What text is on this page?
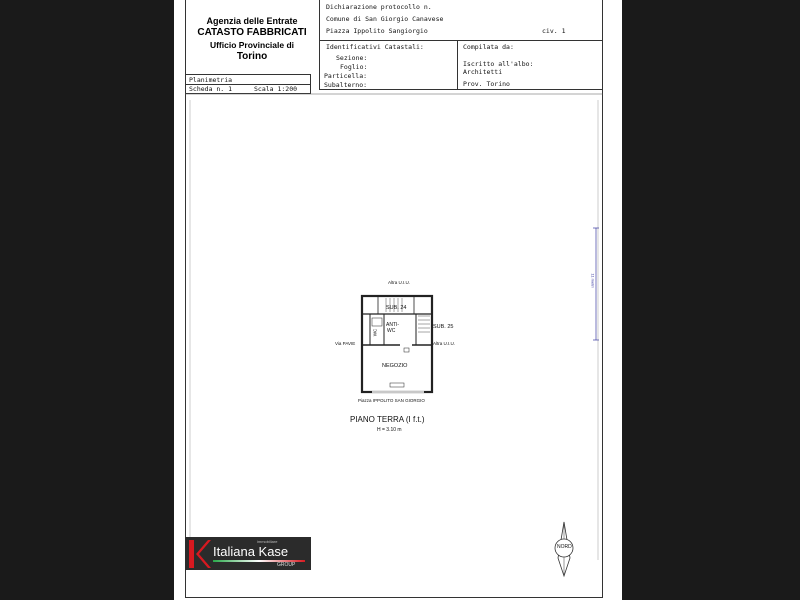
Agenzia delle Entrate
CATASTO FABBRICATI
Ufficio Provinciale di
Torino
Dichiarazione protocollo n.
Comune di San Giorgio Canavese
Piazza Ippolito Sangiorgio	civ. 1
Identificativi Catastali:
Sezione:
Foglio:
Particella:
Subalterno:
Compilata da:
Iscritto all'albo:
Architetti
Prov. Torino
Planimetria
Scheda n. 1	Scala 1:200
11 metri
Altra U.I.U.
Altra U.I.U.
Via PAVIE
SUB. 24
SUB. 25
ANTI-
WC
WC
NEGOZIO
Piazza IPPOLITO SAN GIORGIO
PIANO TERRA (I f.t.)
H = 3.10 m
NORD
immobiliare
Italiana Kase
GROUP
